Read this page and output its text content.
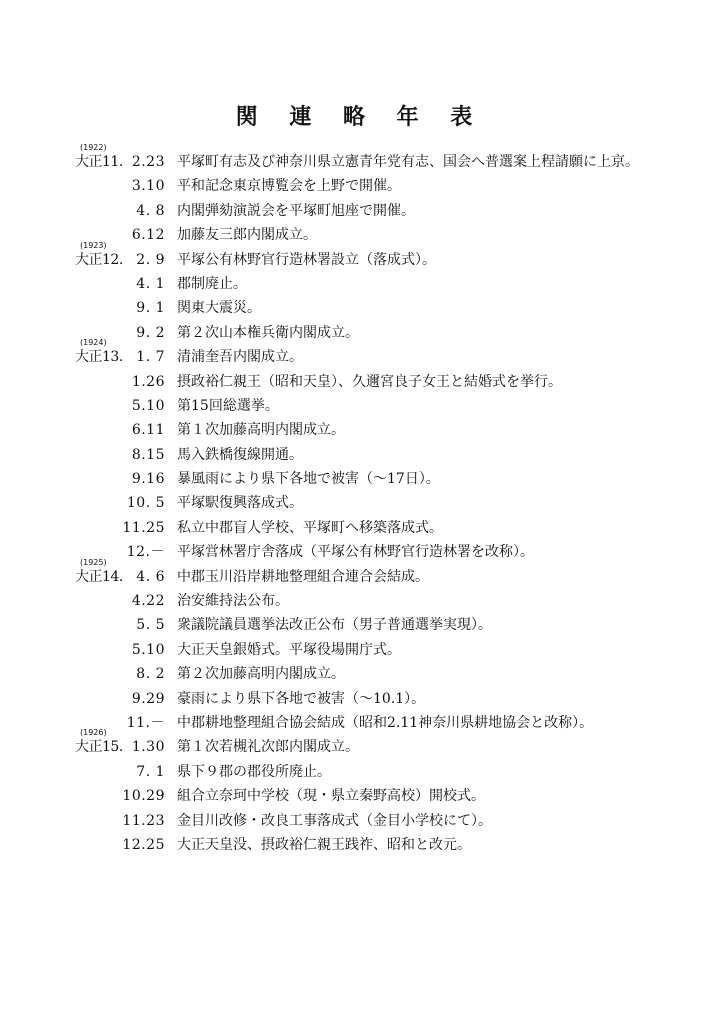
関 連 略 年 表
(1922)
大正11. 2.23 平塚町有志及び神奈川県立憲青年党有志、国会へ普選案上程請願に上京。
3.10 平和記念東京博覧会を上野で開催。
4. 8 内閣弾劾演説会を平塚町旭座で開催。
6.12 加藤友三郎内閣成立。
(1923)
大正12. 2. 9 平塚公有林野官行造林署設立（落成式）。
4. 1 郡制廃止。
9. 1 関東大震災。
9. 2 第２次山本権兵衛内閣成立。
(1924)
大正13. 1. 7 清浦奎吾内閣成立。
1.26 摂政裕仁親王（昭和天皇）、久邇宮良子女王と結婚式を挙行。
5.10 第15回総選挙。
6.11 第１次加藤高明内閣成立。
8.15 馬入鉄橋復線開通。
9.16 暴風雨により県下各地で被害（～17日）。
10. 5 平塚駅復興落成式。
11.25 私立中郡盲人学校、平塚町へ移築落成式。
12.－ 平塚営林署庁舎落成（平塚公有林野官行造林署を改称）。
(1925)
大正14. 4. 6 中郡玉川沿岸耕地整理組合連合会結成。
4.22 治安維持法公布。
5. 5 衆議院議員選挙法改正公布（男子普通選挙実現）。
5.10 大正天皇銀婚式。平塚役場開庁式。
8. 2 第２次加藤高明内閣成立。
9.29 豪雨により県下各地で被害（～10.1）。
11.－ 中郡耕地整理組合協会結成（昭和2.11神奈川県耕地協会と改称）。
(1926)
大正15. 1.30 第１次若槻礼次郎内閣成立。
7. 1 県下９郡の郡役所廃止。
10.29 組合立奈珂中学校（現・県立秦野高校）開校式。
11.23 金目川改修・改良工事落成式（金目小学校にて）。
12.25 大正天皇没、摂政裕仁親王践祚、昭和と改元。
